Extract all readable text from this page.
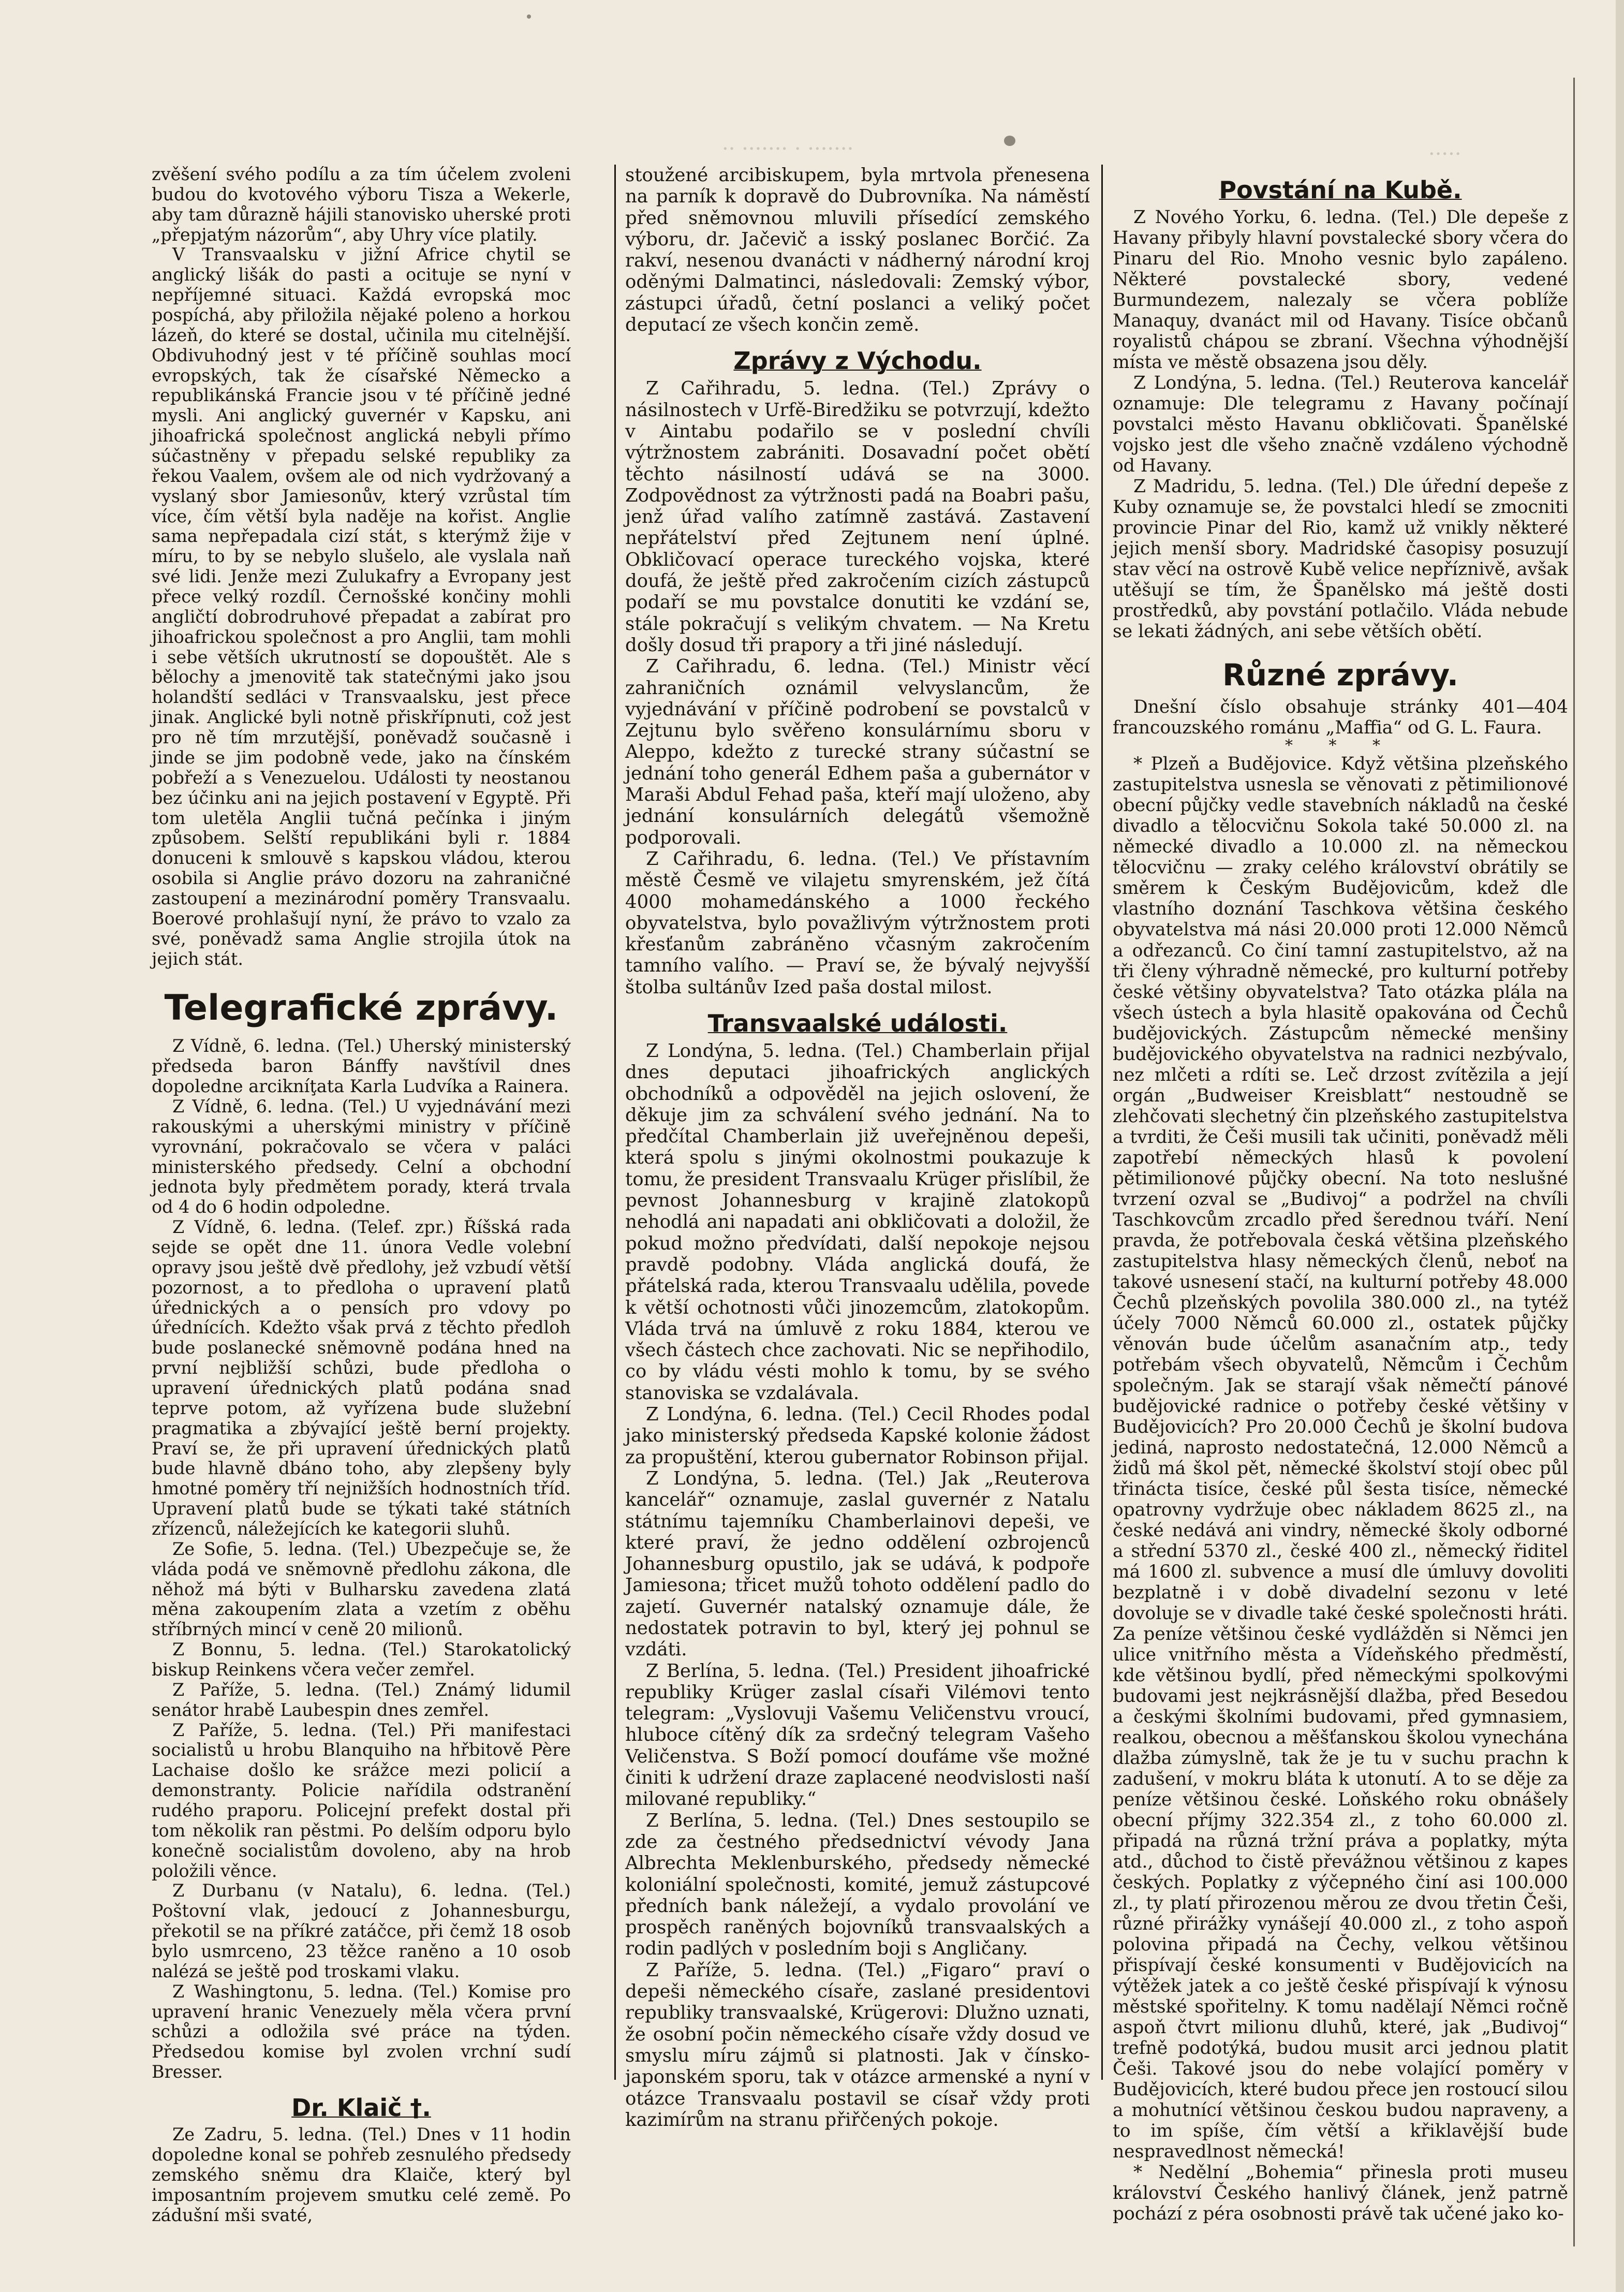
·· ······· · ·······	·····

zvěšení svého podílu a za tím účelem zvoleni budou do kvotového výboru Tisza a Wekerle, aby tam důrazně hájili stanovisko uherské proti „přepjatým názorům“, aby Uhry více platily.

V Transvaalsku v jižní Africe chytil se anglický lišák do pasti a ocituje se nyní v nepříjemné situaci. Každá evropská moc pospíchá, aby přiložila nějaké poleno a horkou lázeň, do které se dostal, učinila mu citelnější. Obdivuhodný jest v té příčině souhlas mocí evropských, tak že císařské Německo a republikánská Francie jsou v té příčině jedné mysli. Ani anglický guvernér v Kapsku, ani jihoafrická společnost anglická nebyli přímo súčastněny v přepadu selské republiky za řekou Vaalem, ovšem ale od nich vydržovaný a vyslaný sbor Jamiesonův, který vzrůstal tím více, čím větší byla naděje na kořist. Anglie sama nepřepadala cizí stát, s kterýmž žije v míru, to by se nebylo slušelo, ale vyslala naň své lidi. Jenže mezi Zulukafry a Evropany jest přece velký rozdíl. Černošské končiny mohli angličtí dobrodruhové přepadat a zabírat pro jihoafrickou společnost a pro Anglii, tam mohli i sebe větších ukrutností se dopouštět. Ale s bělochy a jmenovitě tak statečnými jako jsou holandští sedláci v Transvaalsku, jest přece jinak. Anglické byli notně přiskřípnuti, což jest pro ně tím mrzutější, poněvadž současně i jinde se jim podobně vede, jako na čínském pobřeží a s Venezuelou. Události ty neostanou bez účinku ani na jejich postavení v Egyptě. Při tom uletěla Anglii tučná pečínka i jiným způsobem. Selští republikáni byli r. 1884 donuceni k smlouvě s kapskou vládou, kterou osobila si Anglie právo dozoru na zahraničné zastoupení a mezinárodní poměry Transvaalu. Boerové prohlašují nyní, že právo to vzalo za své, poněvadž sama Anglie strojila útok na jejich stát.

Telegrafické zprávy.

Z Vídně, 6. ledna. (Tel.) Uherský ministerský předseda baron Bánffy navštívil dnes dopoledne arcikníţata Karla Ludvíka a Rainera.

Z Vídně, 6. ledna. (Tel.) U vyjednávání mezi rakouskými a uherskými ministry v příčině vyrovnání, pokračovalo se včera v paláci ministerského předsedy. Celní a obchodní jednota byly předmětem porady, která trvala od 4 do 6 hodin odpoledne.

Z Vídně, 6. ledna. (Telef. zpr.) Říšská rada sejde se opět dne 11. února Vedle volební opravy jsou ještě dvě předlohy, jež vzbudí větší pozornost, a to předloha o upravení platů úřednických a o pensích pro vdovy po úřednících. Kdežto však prvá z těchto předloh bude poslanecké sněmovně podána hned na první nejbližší schůzi, bude předloha o upravení úřednických platů podána snad teprve potom, až vyřízena bude služební pragmatika a zbývající ještě berní projekty. Praví se, že při upravení úřednických platů bude hlavně dbáno toho, aby zlepšeny byly hmotné poměry tří nejnižších hodnostních tříd. Upravení platů bude se týkati také státních zřízenců, náležejících ke kategorii sluhů.

Ze Sofie, 5. ledna. (Tel.) Ubezpečuje se, že vláda podá ve sněmovně předlohu zákona, dle něhož má býti v Bulharsku zavedena zlatá měna zakoupením zlata a vzetím z oběhu stříbrných mincí v ceně 20 milionů.

Z Bonnu, 5. ledna. (Tel.) Starokatolický biskup Reinkens včera večer zemřel.

Z Paříže, 5. ledna. (Tel.) Známý lidumil senátor hrabě Laubespin dnes zemřel.

Z Paříže, 5. ledna. (Tel.) Při manifestaci socialistů u hrobu Blanquiho na hřbitově Père Lachaise došlo ke srážce mezi policií a demonstranty. Policie nařídila odstranění rudého praporu. Policejní prefekt dostal při tom několik ran pěstmi. Po delším odporu bylo konečně socialistům dovoleno, aby na hrob položili věnce.

Z Durbanu (v Natalu), 6. ledna. (Tel.) Poštovní vlak, jedoucí z Johannesburgu, překotil se na příkré zatáčce, při čemž 18 osob bylo usmrceno, 23 těžce raněno a 10 osob nalézá se ještě pod troskami vlaku.

Z Washingtonu, 5. ledna. (Tel.) Komise pro upravení hranic Venezuely měla včera první schůzi a odložila své práce na týden. Předsedou komise byl zvolen vrchní sudí Bresser.

Dr. Klaič †.

Ze Zadru, 5. ledna. (Tel.) Dnes v 11 hodin dopoledne konal se pohřeb zesnulého předsedy zemského sněmu dra Klaiče, který byl imposantním projevem smutku celé země. Po zádušní mši svaté,

stoužené arcibiskupem, byla mrtvola přenesena na parník k dopravě do Dubrovníka. Na náměstí před sněmovnou mluvili přísedící zemského výboru, dr. Jačevič a isský poslanec Borčić. Za rakví, nesenou dvanácti v nádherný národní kroj oděnými Dalmatinci, následovali: Zemský výbor, zástupci úřadů, četní poslanci a veliký počet deputací ze všech končin země.

Zprávy z Východu.

Z Cařihradu, 5. ledna. (Tel.) Zprávy o násilnostech v Urfě-Biredžiku se potvrzují, kdežto v Aintabu podařilo se v poslední chvíli výtržnostem zabrániti. Dosavadní počet obětí těchto násilností udává se na 3000. Zodpovědnost za výtržnosti padá na Boabri pašu, jenž úřad valího zatímně zastává. Zastavení nepřátelství před Zejtunem není úplné. Obkličovací operace tureckého vojska, které doufá, že ještě před zakročením cizích zástupců podaří se mu povstalce donutiti ke vzdání se, stále pokračují s velikým chvatem. — Na Kretu došly dosud tři prapory a tři jiné následují.

Z Cařihradu, 6. ledna. (Tel.) Ministr věcí zahraničních oznámil velvyslancům, že vyjednávání v příčině podrobení se povstalců v Zejtunu bylo svěřeno konsulárnímu sboru v Aleppo, kdežto z turecké strany súčastní se jednání toho generál Edhem paša a gubernátor v Maraši Abdul Fehad paša, kteří mají uloženo, aby jednání konsulárních delegátů všemožně podporovali.

Z Cařihradu, 6. ledna. (Tel.) Ve přístavním městě Česmě ve vilajetu smyrenském, jež čítá 4000 mohamedánského a 1000 řeckého obyvatelstva, bylo považlivým výtržnostem proti křesťanům zabráněno včasným zakročením tamního valího. — Praví se, že bývalý nejvyšší štolba sultánův Ized paša dostal milost.

Transvaalské události.

Z Londýna, 5. ledna. (Tel.) Chamberlain přijal dnes deputaci jihoafrických anglických obchodníků a odpověděl na jejich oslovení, že děkuje jim za schválení svého jednání. Na to předčítal Chamberlain již uveřejněnou depeši, která spolu s jinými okolnostmi poukazuje k tomu, že president Transvaalu Krüger přislíbil, že pevnost Johannesburg v krajině zlatokopů nehodlá ani napadati ani obkličovati a doložil, že pokud možno předvídati, další nepokoje nejsou pravdě podobny. Vláda anglická doufá, že přátelská rada, kterou Transvaalu udělila, povede k větší ochotnosti vůči jinozemcům, zlatokopům. Vláda trvá na úmluvě z roku 1884, kterou ve všech částech chce zachovati. Nic se nepřihodilo, co by vládu vésti mohlo k tomu, by se svého stanoviska se vzdalávala.

Z Londýna, 6. ledna. (Tel.) Cecil Rhodes podal jako ministerský předseda Kapské kolonie žádost za propuštění, kterou gubernator Robinson přijal.

Z Londýna, 5. ledna. (Tel.) Jak „Reuterova kancelář“ oznamuje, zaslal guvernér z Natalu státnímu tajemníku Chamberlainovi depeši, ve které praví, že jedno oddělení ozbrojenců Johannesburg opustilo, jak se udává, k podpoře Jamiesona; třicet mužů tohoto oddělení padlo do zajetí. Guvernér natalský oznamuje dále, že nedostatek potravin to byl, který jej pohnul se vzdáti.

Z Berlína, 5. ledna. (Tel.) President jihoafrické republiky Krüger zaslal císaři Vilémovi tento telegram: „Vyslovuji Vašemu Veličenstvu vroucí, hluboce cítěný dík za srdečný telegram Vašeho Veličenstva. S Boží pomocí doufáme vše možné činiti k udržení draze zaplacené neodvislosti naší milované republiky.“

Z Berlína, 5. ledna. (Tel.) Dnes sestoupilo se zde za čestného předsednictví vévody Jana Albrechta Meklenburského, předsedy německé koloniální společnosti, komité, jemuž zástupcové předních bank náležejí, a vydalo provolání ve prospěch raněných bojovníků transvaalských a rodin padlých v posledním boji s Angličany.

Z Paříže, 5. ledna. (Tel.) „Figaro“ praví o depeši německého císaře, zaslané presidentovi republiky transvaalské, Krügerovi: Dlužno uznati, že osobní počin německého císaře vždy dosud ve smyslu míru zájmů si platnosti. Jak v čínsko-japonském sporu, tak v otázce armenské a nyní v otázce Transvaalu postavil se císař vždy proti kazimírům na stranu přiřčených pokoje.

Povstání na Kubě.

Z Nového Yorku, 6. ledna. (Tel.) Dle depeše z Havany přibyly hlavní povstalecké sbory včera do Pinaru del Rio. Mnoho vesnic bylo zapáleno. Některé povstalecké sbory, vedené Burmundezem, nalezaly se včera poblíže Manaquy, dvanáct mil od Havany. Tisíce občanů royalistů chápou se zbraní. Všechna výhodnější místa ve městě obsazena jsou děly.

Z Londýna, 5. ledna. (Tel.) Reuterova kancelář oznamuje: Dle telegramu z Havany počínají povstalci město Havanu obkličovati. Španělské vojsko jest dle všeho značně vzdáleno východně od Havany.

Z Madridu, 5. ledna. (Tel.) Dle úřední depeše z Kuby oznamuje se, že povstalci hledí se zmocniti provincie Pinar del Rio, kamž už vnikly některé jejich menší sbory. Madridské časopisy posuzují stav věcí na ostrově Kubě velice nepříznivě, avšak utěšují se tím, že Španělsko má ještě dosti prostředků, aby povstání potlačilo. Vláda nebude se lekati žádných, ani sebe větších obětí.

Různé zprávy.

Dnešní číslo obsahuje stránky 401—404 francouzského románu „Maffia“ od G. L. Faura.

* * *

* Plzeň a Budějovice. Když většina plzeňského zastupitelstva usnesla se věnovati z pětimilionové obecní půjčky vedle stavebních nákladů na české divadlo a tělocvičnu Sokola také 50.000 zl. na německé divadlo a 10.000 zl. na německou tělocvičnu — zraky celého království obrátily se směrem k Českým Budějovicům, kdež dle vlastního doznání Taschkova většina českého obyvatelstva má nási 20.000 proti 12.000 Němců a odřezanců. Co činí tamní zastupitelstvo, až na tři členy výhradně německé, pro kulturní potřeby české většiny obyvatelstva? Tato otázka plála na všech ústech a byla hlasitě opakována od Čechů budějovických. Zástupcům německé menšiny budějovického obyvatelstva na radnici nezbývalo, nez mlčeti a rdíti se. Leč drzost zvítězila a její orgán „Budweiser Kreisblatt“ nestoudně se zlehčovati slechetný čin plzeňského zastupitelstva a tvrditi, že Češi musili tak učiniti, poněvadž měli zapotřebí německých hlasů k povolení pětimilionové půjčky obecní. Na toto neslušné tvrzení ozval se „Budivoj“ a podržel na chvíli Taschkovcům zrcadlo před šerednou tváří. Není pravda, že potřebovala česká většina plzeňského zastupitelstva hlasy německých členů, neboť na takové usnesení stačí, na kulturní potřeby 48.000 Čechů plzeňských povolila 380.000 zl., na tytéž účely 7000 Němců 60.000 zl., ostatek půjčky věnován bude účelům asanačním atp., tedy potřebám všech obyvatelů, Němcům i Čechům společným. Jak se starají však němečtí pánové budějovické radnice o potřeby české většiny v Budějovicích? Pro 20.000 Čechů je školní budova jediná, naprosto nedostatečná, 12.000 Němců a židů má škol pět, německé školství stojí obec půl třinácta tisíce, české půl šesta tisíce, německé opatrovny vydržuje obec nákladem 8625 zl., na české nedává ani vindry, německé školy odborné a střední 5370 zl., české 400 zl., německý řiditel má 1600 zl. subvence a musí dle úmluvy dovoliti bezplatně i v době divadelní sezonu v leté dovoluje se v divadle také české společnosti hráti. Za peníze většinou české vydlážděn si Němci jen ulice vnitřního města a Vídeňského předměstí, kde většinou bydlí, před německými spolkovými budovami jest nejkrásnější dlažba, před Besedou a českými školními budovami, před gymnasiem, realkou, obecnou a měšťanskou školou vynechána dlažba zúmyslně, tak že je tu v suchu prachn k zadušení, v mokru bláta k utonutí. A to se děje za peníze většinou české. Loňského roku obnášely obecní příjmy 322.354 zl., z toho 60.000 zl. připadá na různá tržní práva a poplatky, mýta atd., důchod to čistě převážnou většinou z kapes českých. Poplatky z výčepného činí asi 100.000 zl., ty platí přirozenou měrou ze dvou třetin Češi, různé přirážky vynášejí 40.000 zl., z toho aspoň polovina připadá na Čechy, velkou většinou přispívají české konsumenti v Budějovicích na výtěžek jatek a co ještě české přispívají k výnosu městské spořitelny. K tomu nadělají Němci ročně aspoň čtvrt milionu dluhů, které, jak „Budivoj“ trefně podotýká, budou musit arci jednou platit Češi. Takové jsou do nebe volající poměry v Budějovicích, které budou přece jen rostoucí silou a mohutnící většinou českou budou napraveny, a to im spíše, čím větší a křiklavější bude nespravedlnost německá!

* Nedělní „Bohemia“ přinesla proti museu království Českého hanlivý článek, jenž patrně pochází z péra osobnosti právě tak učené jako ko-
